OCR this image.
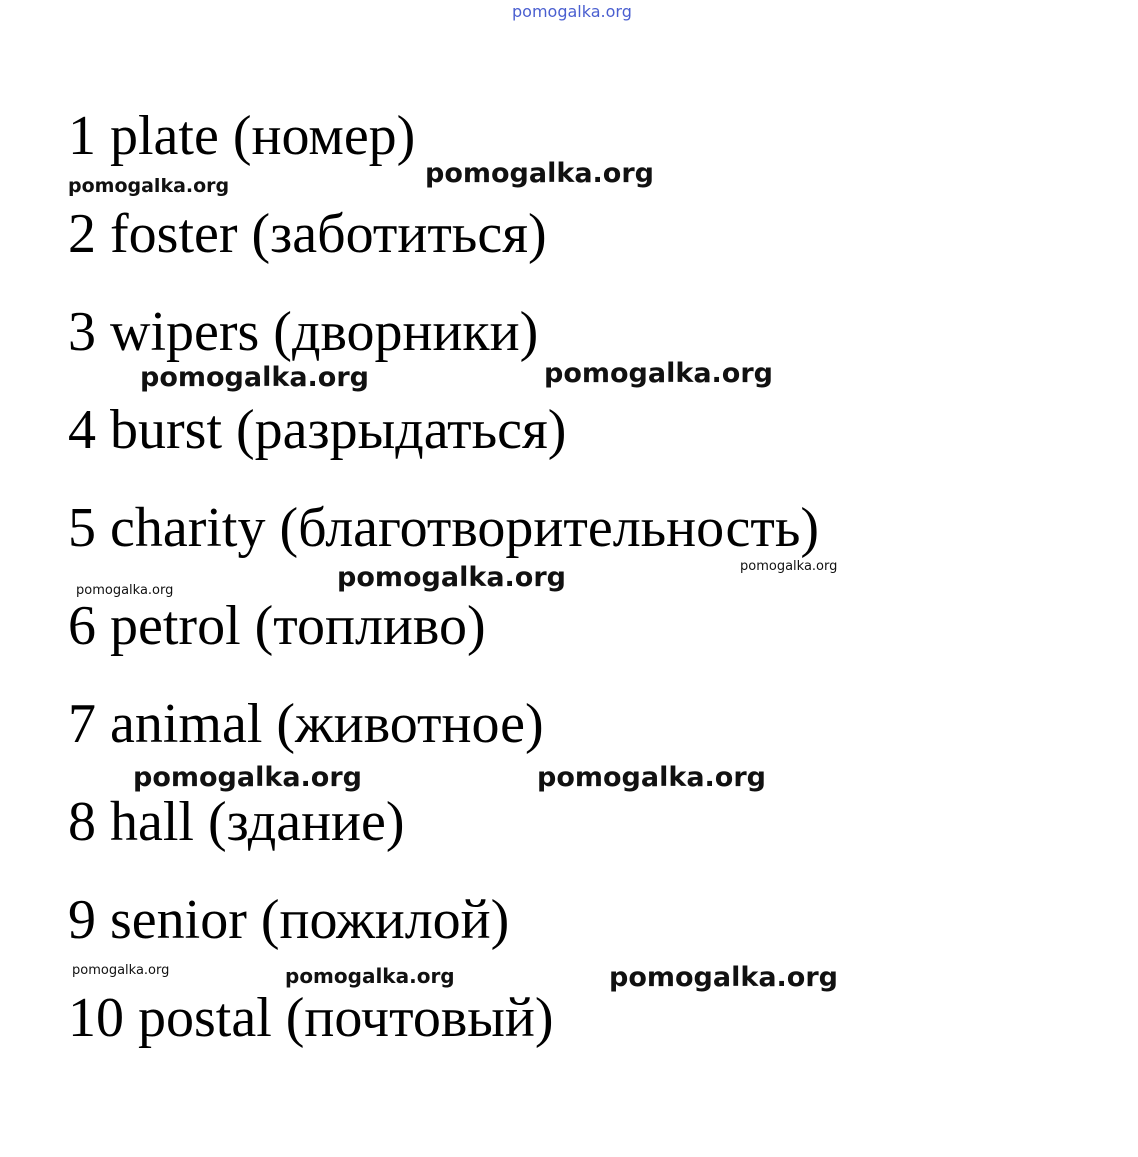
pomogalka.org
1 plate (номер)
2 foster (заботиться)
3 wipers (дворники)
4 burst (разрыдаться)
5 charity (благотворительность)
6 petrol (топливо)
7 animal (животное)
8 hall (здание)
9 senior (пожилой)
10 postal (почтовый)
pomogalka.org	pomogalka.org
pomogalka.org	pomogalka.org
pomogalka.org	pomogalka.org	pomogalka.org
pomogalka.org	pomogalka.org
pomogalka.org	pomogalka.org	pomogalka.org
